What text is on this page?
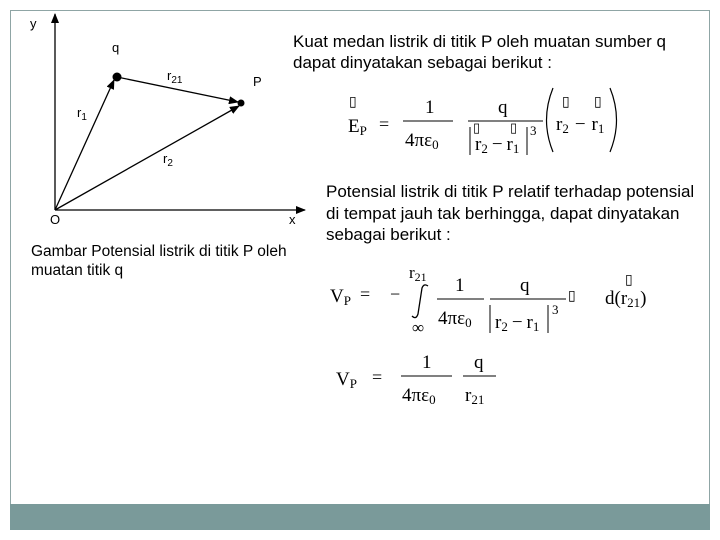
y
x
O
q
P
$r_{21}$
$r_1$
$r_2$
Gambar Potensial listrik di titik P oleh muatan titik q
Kuat medan listrik di titik P oleh muatan sumber q dapat dinyatakan sebagai berikut :
Potensial listrik di titik P relatif terhadap potensial di tempat jauh tak berhingga, dapat dinyatakan sebagai berikut :
▯
EP =
1
4πε0
q
▯
r2 − r1
▯ 3
▯ ▯
r2 − r1
VP = −
r21
∞
1
4πε0
q
r2 − r1
3
▯
▯
d(r21)
VP =
1
4πε0
q
r21
